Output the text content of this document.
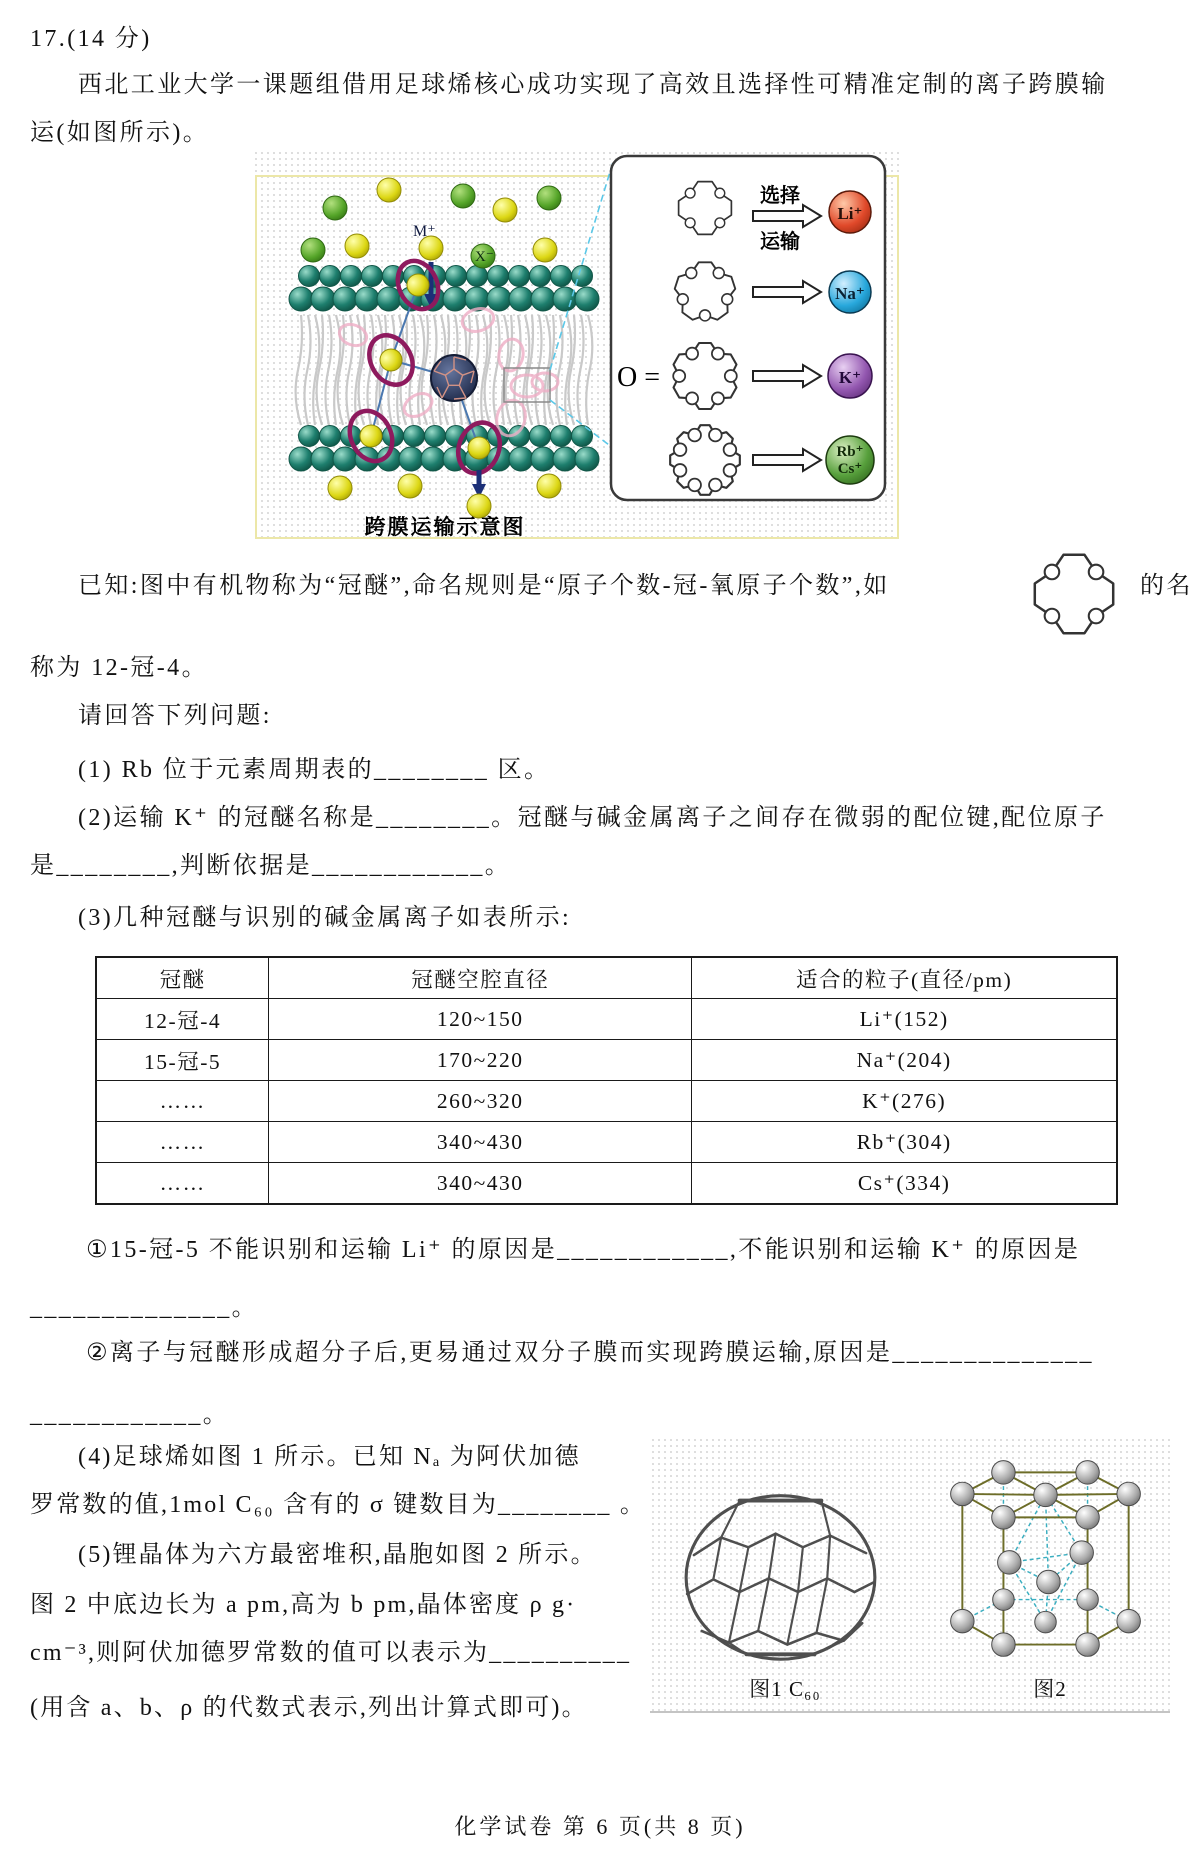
17.(14 分)
西北工业大学一课题组借用足球烯核心成功实现了高效且选择性可精准定制的离子跨膜输
运(如图所示)。
M⁺
X⁻
O =
选择
运输
Li⁺
Na⁺
K⁺
Rb⁺
Cs⁺
跨膜运输示意图
已知:图中有机物称为“冠醚”,命名规则是“原子个数-冠-氧原子个数”,如	的名
称为 12-冠-4。
请回答下列问题:
(1) Rb 位于元素周期表的________ 区。
(2)运输 K⁺ 的冠醚名称是________。冠醚与碱金属离子之间存在微弱的配位键,配位原子
是________,判断依据是____________。
(3)几种冠醚与识别的碱金属离子如表所示:
冠醚	冠醚空腔直径	适合的粒子(直径/pm)
12-冠-4	120~150	Li⁺(152)
15-冠-5	170~220	Na⁺(204)
……	260~320	K⁺(276)
……	340~430	Rb⁺(304)
……	340~430	Cs⁺(334)
①15-冠-5 不能识别和运输 Li⁺ 的原因是____________,不能识别和运输 K⁺ 的原因是
______________。
②离子与冠醚形成超分子后,更易通过双分子膜而实现跨膜运输,原因是______________
____________。
(4)足球烯如图 1 所示。已知 Nₐ 为阿伏加德
罗常数的值,1mol C₆₀ 含有的 σ 键数目为________ 。
(5)锂晶体为六方最密堆积,晶胞如图 2 所示。
图 2 中底边长为 a pm,高为 b pm,晶体密度 ρ g·
cm⁻³,则阿伏加德罗常数的值可以表示为__________
(用含 a、b、ρ 的代数式表示,列出计算式即可)。
图1 C₆₀	图2
化学试卷 第 6 页(共 8 页)
